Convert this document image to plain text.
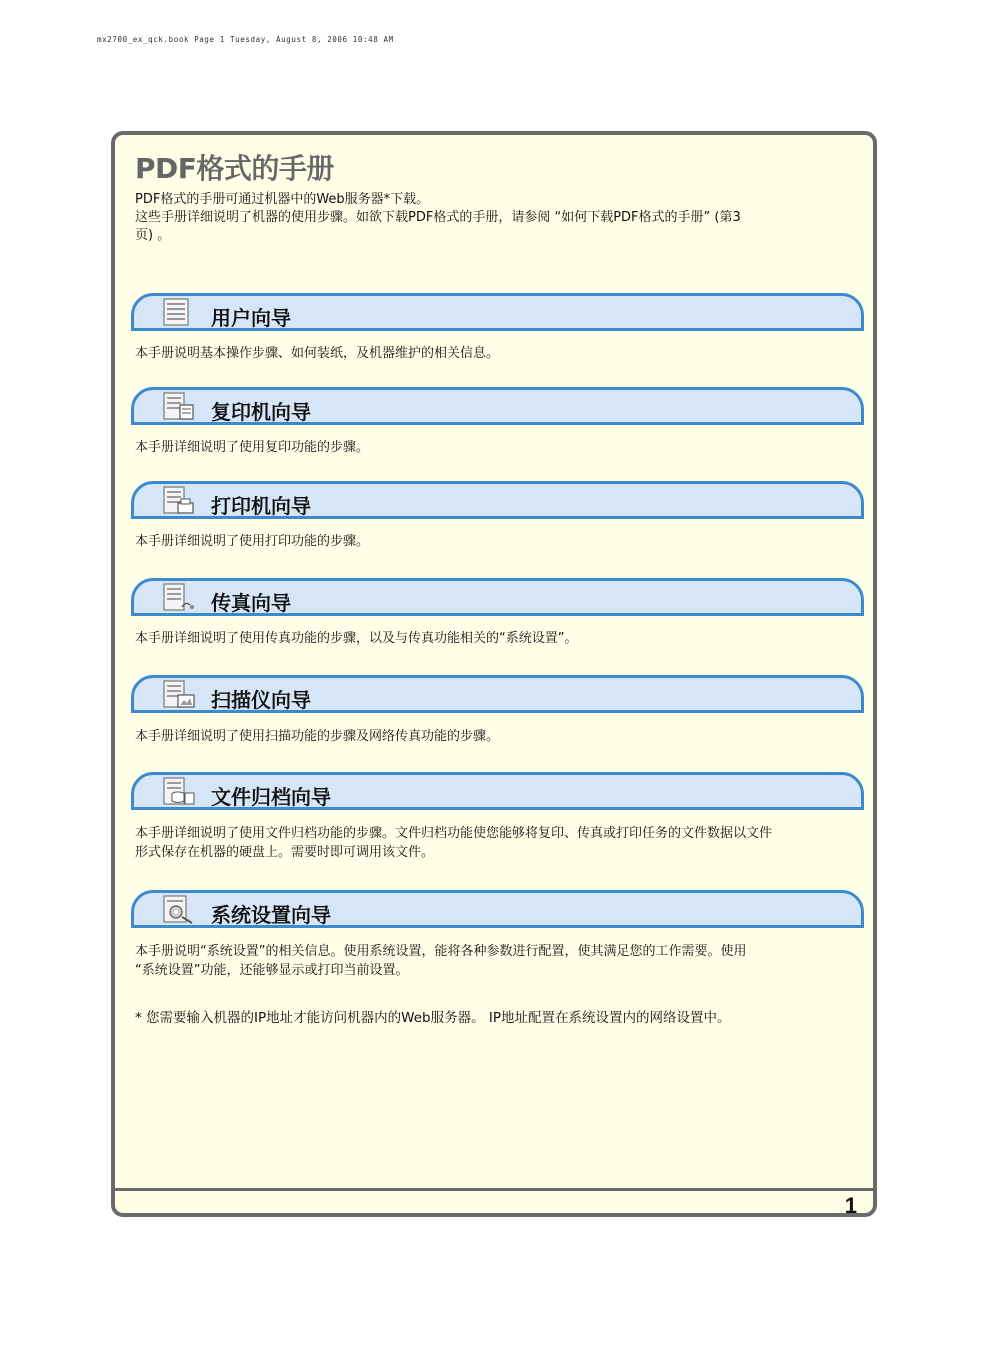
mx2700_ex_qck.book Page 1 Tuesday, August 8, 2006 10:48 AM
PDF格式的手册
PDF格式的手册可通过机器中的Web服务器*下载。
这些手册详细说明了机器的使用步骤。如欲下载PDF格式的手册，请参阅 “如何下载PDF格式的手册” (第3
页) 。
用户向导
本手册说明基本操作步骤、如何装纸，及机器维护的相关信息。
复印机向导
本手册详细说明了使用复印功能的步骤。
打印机向导
本手册详细说明了使用打印功能的步骤。
传真向导
本手册详细说明了使用传真功能的步骤，以及与传真功能相关的“系统设置”。
扫描仪向导
本手册详细说明了使用扫描功能的步骤及网络传真功能的步骤。
文件归档向导
本手册详细说明了使用文件归档功能的步骤。文件归档功能使您能够将复印、传真或打印任务的文件数据以文件
形式保存在机器的硬盘上。需要时即可调用该文件。
系统设置向导
本手册说明“系统设置”的相关信息。使用系统设置，能将各种参数进行配置，使其满足您的工作需要。使用
“系统设置”功能，还能够显示或打印当前设置。
* 您需要输入机器的IP地址才能访问机器内的Web服务器。 IP地址配置在系统设置内的网络设置中。
1
